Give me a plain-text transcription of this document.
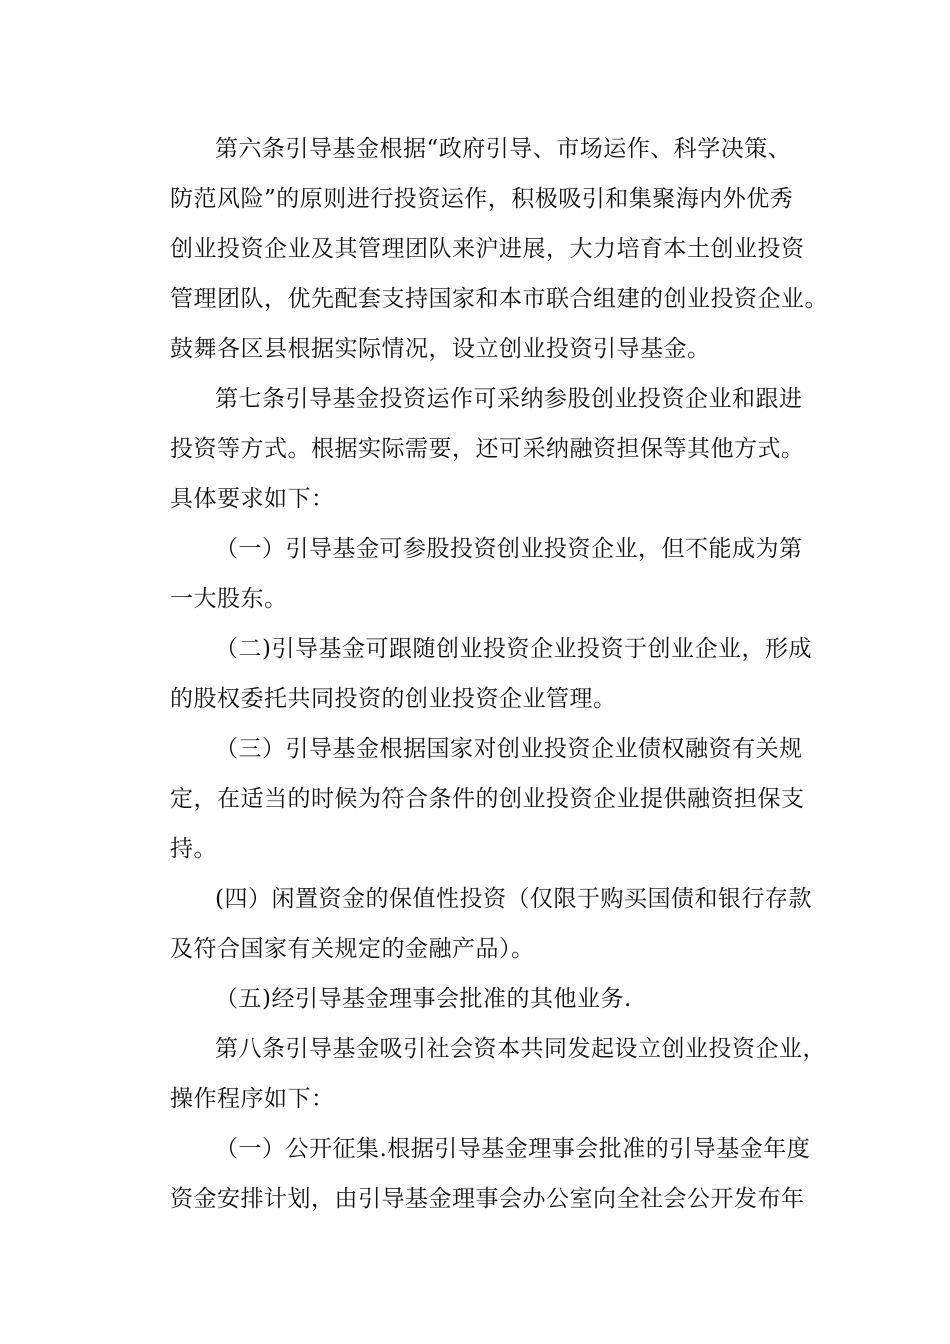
第六条引导基金根据“政府引导、市场运作、科学决策、
防范风险”的原则进行投资运作，积极吸引和集聚海内外优秀
创业投资企业及其管理团队来沪进展，大力培育本土创业投资
管理团队，优先配套支持国家和本市联合组建的创业投资企业。
鼓舞各区县根据实际情况，设立创业投资引导基金。
第七条引导基金投资运作可采纳参股创业投资企业和跟进
投资等方式。根据实际需要，还可采纳融资担保等其他方式。
具体要求如下：
（一）引导基金可参股投资创业投资企业，但不能成为第
一大股东。
（二)引导基金可跟随创业投资企业投资于创业企业，形成
的股权委托共同投资的创业投资企业管理。
（三）引导基金根据国家对创业投资企业债权融资有关规
定，在适当的时候为符合条件的创业投资企业提供融资担保支
持。
(四）闲置资金的保值性投资（仅限于购买国债和银行存款
及符合国家有关规定的金融产品）。
（五)经引导基金理事会批准的其他业务.
第八条引导基金吸引社会资本共同发起设立创业投资企业，
操作程序如下：
（一）公开征集.根据引导基金理事会批准的引导基金年度
资金安排计划，由引导基金理事会办公室向全社会公开发布年
